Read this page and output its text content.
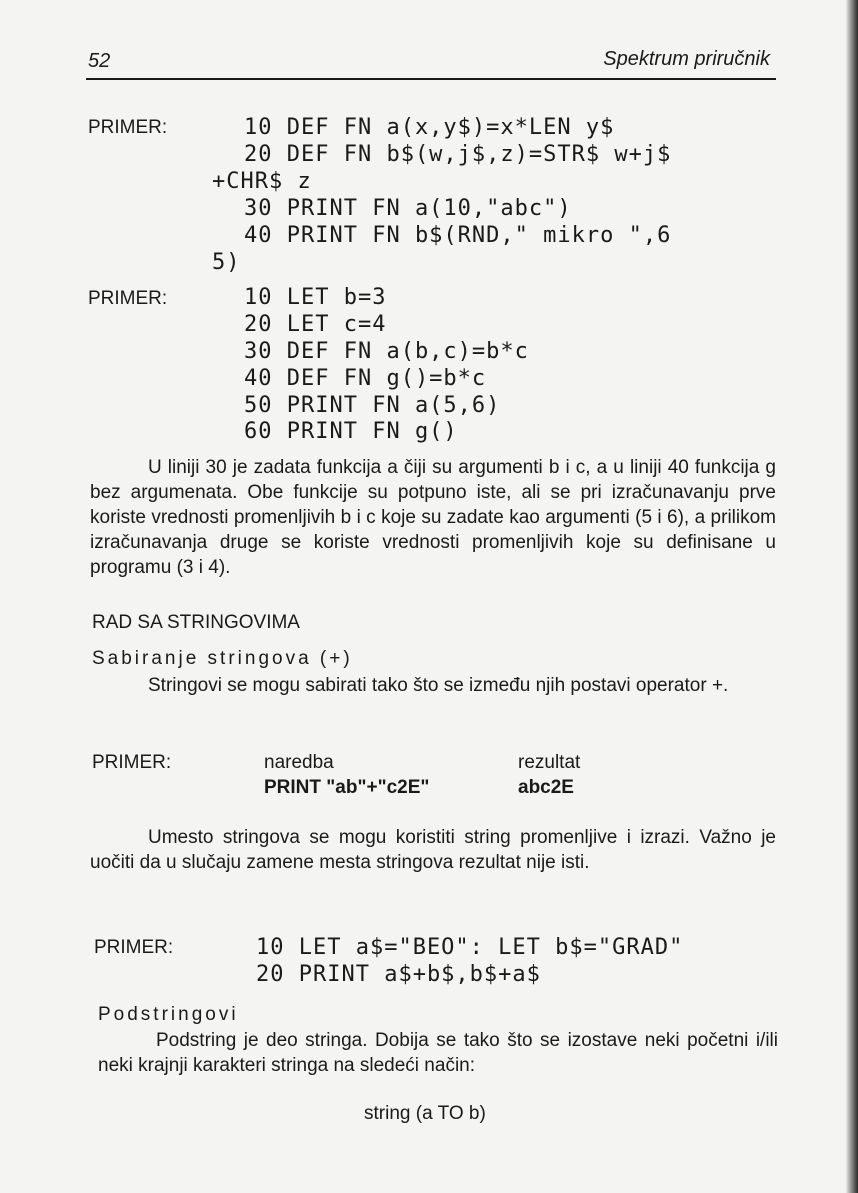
52	Spektrum priručnik
PRIMER:	10 DEF FN a(x,y$)=x*LEN y$
20 DEF FN b$(w,j$,z)=STR$ w+j$
+CHR$ z
30 PRINT FN a(10,"abc")
40 PRINT FN b$(RND," mikro ",6
5)
PRIMER:	10 LET b=3
20 LET c=4
30 DEF FN a(b,c)=b*c
40 DEF FN g()=b*c
50 PRINT FN a(5,6)
60 PRINT FN g()

U liniji 30 je zadata funkcija a čiji su argumenti b i c, a u liniji 40 funkcija g bez argumenata. Obe funkcije su potpuno iste, ali se pri izračunavanju prve koriste vrednosti promenljivih b i c koje su zadate kao argumenti (5 i 6), a prilikom izračunavanja druge se koriste vrednosti promenljivih koje su definisane u programu (3 i 4).

RAD SA STRINGOVIMA
Sabiranje stringova (+)

Stringovi se mogu sabirati tako što se između njih postavi operator +.

PRIMER:	naredba	rezultat
PRINT "ab"+"c2E"	abc2E

Umesto stringova se mogu koristiti string promenljive i izrazi. Važno je uočiti da u slučaju zamene mesta stringova rezultat nije isti.

PRIMER:	10 LET a$="BEO": LET b$="GRAD"
20 PRINT a$+b$,b$+a$
Podstringovi

Podstring je deo stringa. Dobija se tako što se izostave neki početni i/ili neki krajnji karakteri stringa na sledeći način:

string (a TO b)
